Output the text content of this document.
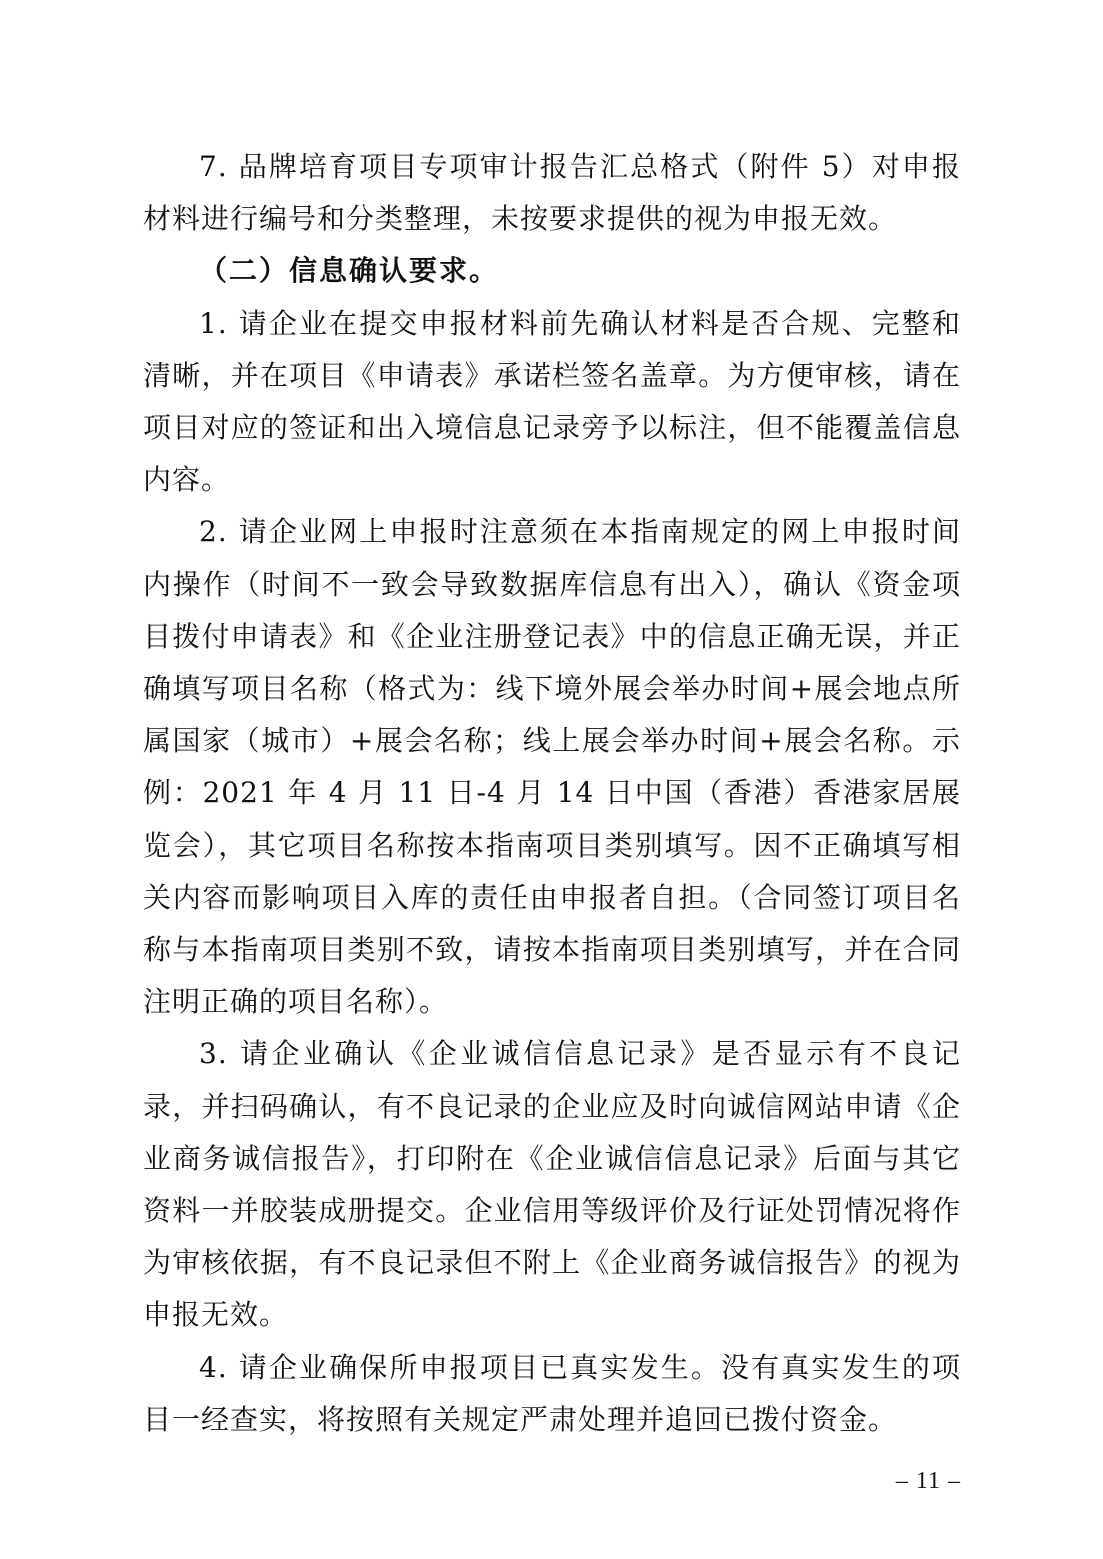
7. 品牌培育项目专项审计报告汇总格式（附件 5）对申报材料进行编号和分类整理，未按要求提供的视为申报无效。

（二）信息确认要求。

1. 请企业在提交申报材料前先确认材料是否合规、完整和清晰，并在项目《申请表》承诺栏签名盖章。为方便审核，请在项目对应的签证和出入境信息记录旁予以标注，但不能覆盖信息内容。

2. 请企业网上申报时注意须在本指南规定的网上申报时间内操作（时间不一致会导致数据库信息有出入），确认《资金项目拨付申请表》和《企业注册登记表》中的信息正确无误，并正确填写项目名称（格式为：线下境外展会举办时间+展会地点所属国家（城市）+展会名称；线上展会举办时间+展会名称。示例：2021 年 4 月 11 日-4 月 14 日中国（香港）香港家居展览会），其它项目名称按本指南项目类别填写。因不正确填写相关内容而影响项目入库的责任由申报者自担。（合同签订项目名称与本指南项目类别不致，请按本指南项目类别填写，并在合同注明正确的项目名称）。

3. 请企业确认《企业诚信信息记录》是否显示有不良记录，并扫码确认，有不良记录的企业应及时向诚信网站申请《企业商务诚信报告》，打印附在《企业诚信信息记录》后面与其它资料一并胶装成册提交。企业信用等级评价及行证处罚情况将作为审核依据，有不良记录但不附上《企业商务诚信报告》的视为申报无效。

4. 请企业确保所申报项目已真实发生。没有真实发生的项目一经查实，将按照有关规定严肃处理并追回已拨付资金。

– 11 –
